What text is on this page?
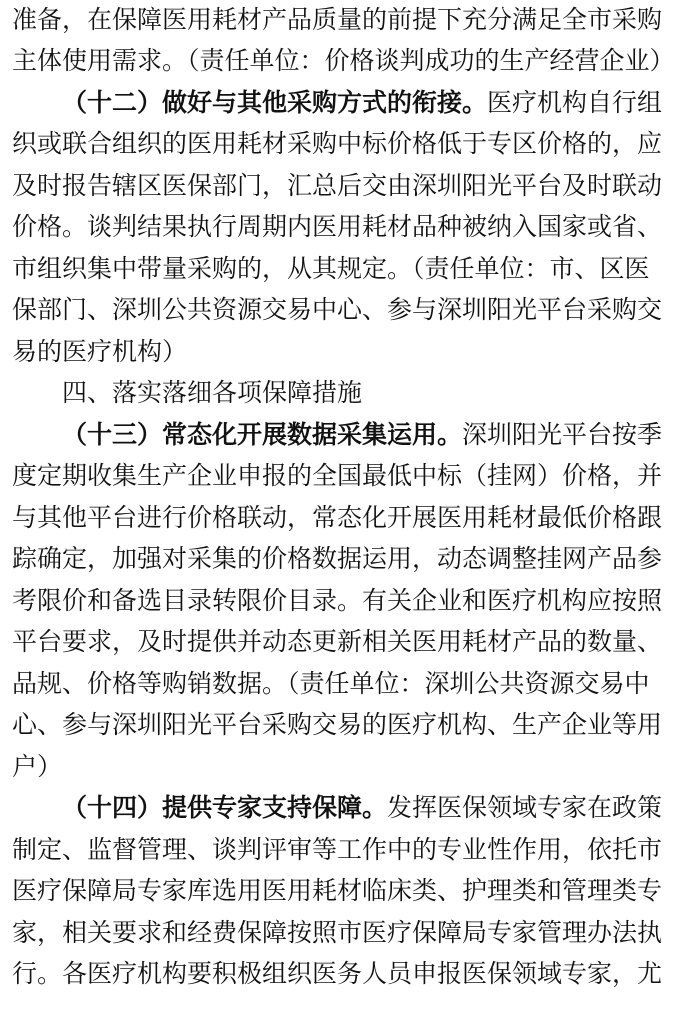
准备，在保障医用耗材产品质量的前提下充分满足全市采购
主体使用需求。（责任单位：价格谈判成功的生产经营企业）
（十二）做好与其他采购方式的衔接。医疗机构自行组
织或联合组织的医用耗材采购中标价格低于专区价格的，应
及时报告辖区医保部门，汇总后交由深圳阳光平台及时联动
价格。谈判结果执行周期内医用耗材品种被纳入国家或省、
市组织集中带量采购的，从其规定。（责任单位：市、区医
保部门、深圳公共资源交易中心、参与深圳阳光平台采购交
易的医疗机构）
四、落实落细各项保障措施
（十三）常态化开展数据采集运用。深圳阳光平台按季
度定期收集生产企业申报的全国最低中标（挂网）价格，并
与其他平台进行价格联动，常态化开展医用耗材最低价格跟
踪确定，加强对采集的价格数据运用，动态调整挂网产品参
考限价和备选目录转限价目录。有关企业和医疗机构应按照
平台要求，及时提供并动态更新相关医用耗材产品的数量、
品规、价格等购销数据。（责任单位：深圳公共资源交易中
心、参与深圳阳光平台采购交易的医疗机构、生产企业等用
户）
（十四）提供专家支持保障。发挥医保领域专家在政策
制定、监督管理、谈判评审等工作中的专业性作用，依托市
医疗保障局专家库选用医用耗材临床类、护理类和管理类专
家，相关要求和经费保障按照市医疗保障局专家管理办法执
行。各医疗机构要积极组织医务人员申报医保领域专家，尤
